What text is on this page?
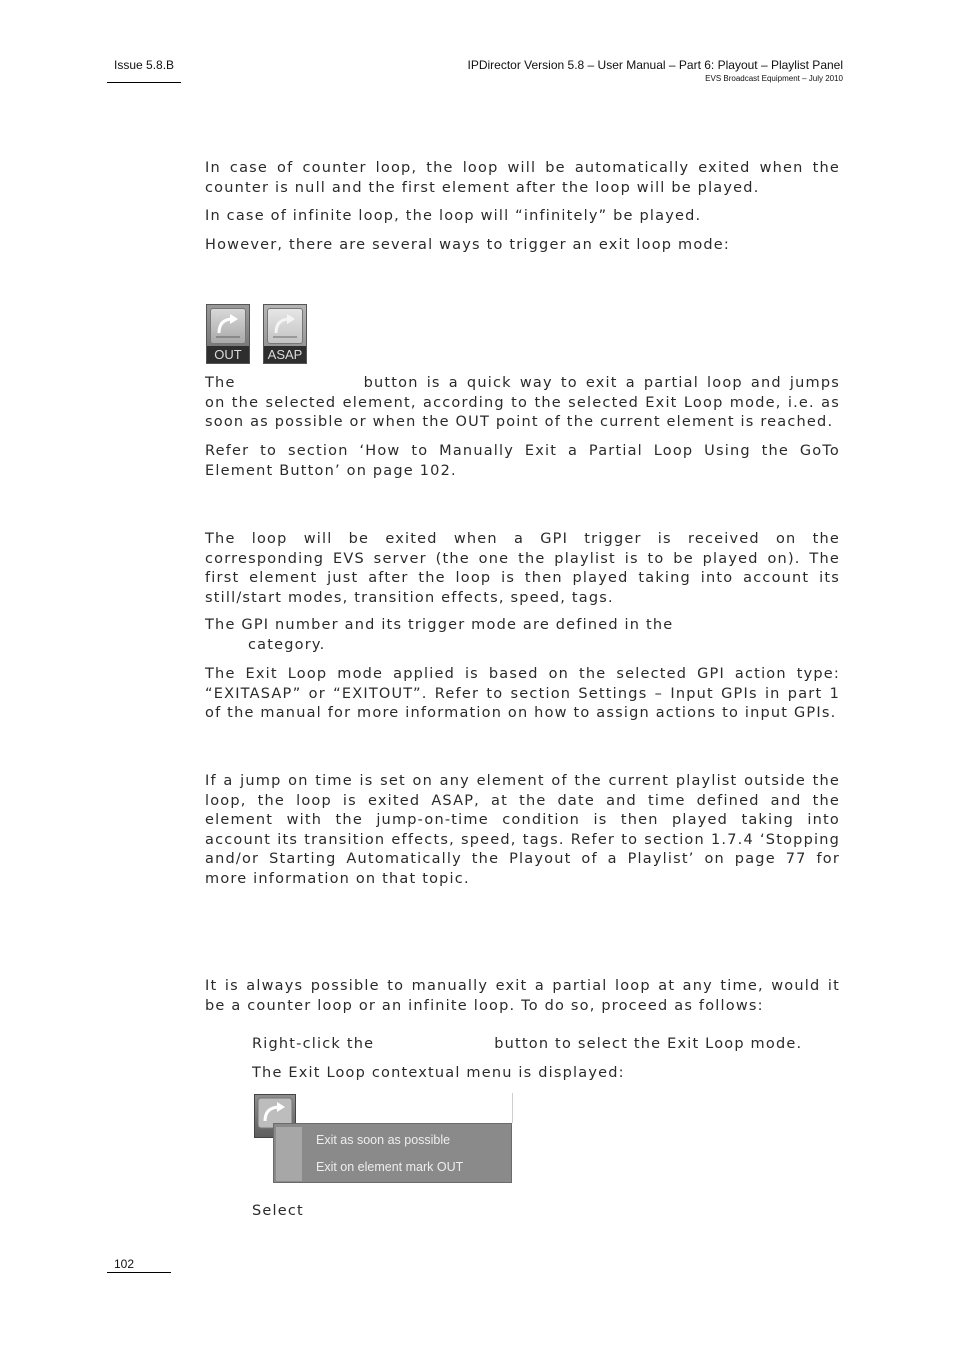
Issue 5.8.B	IPDirector Version 5.8 – User Manual – Part 6: Playout – Playlist Panel
EVS Broadcast Equipment – July 2010
In case of counter loop, the loop will be automatically exited when the counter is null and the first element after the loop will be played.
In case of infinite loop, the loop will “infinitely” be played.
However, there are several ways to trigger an exit loop mode:
OUT	ASAP
The	button is a quick way to exit a partial loop and jumps on the selected element, according to the selected Exit Loop mode, i.e. as soon as possible or when the OUT point of the current element is reached.
Refer to section ‘How to Manually Exit a Partial Loop Using the GoTo Element Button’ on page 102.
The loop will be exited when a GPI trigger is received on the corresponding EVS server (the one the playlist is to be played on). The first element just after the loop is then played taking into account its still/start modes, transition effects, speed, tags.
The GPI number and its trigger mode are defined in the
category.
The Exit Loop mode applied is based on the selected GPI action type: “EXITASAP” or “EXITOUT”. Refer to section Settings – Input GPIs in part 1 of the manual for more information on how to assign actions to input GPIs.
If a jump on time is set on any element of the current playlist outside the loop, the loop is exited ASAP, at the date and time defined and the element with the jump-on-time condition is then played taking into account its transition effects, speed, tags. Refer to section 1.7.4 ‘Stopping and/or Starting Automatically the Playout of a Playlist’ on page 77 for more information on that topic.
It is always possible to manually exit a partial loop at any time, would it be a counter loop or an infinite loop. To do so, proceed as follows:
Right-click the	button to select the Exit Loop mode.
The Exit Loop contextual menu is displayed:
Exit as soon as possible
Exit on element mark OUT
Select
102
